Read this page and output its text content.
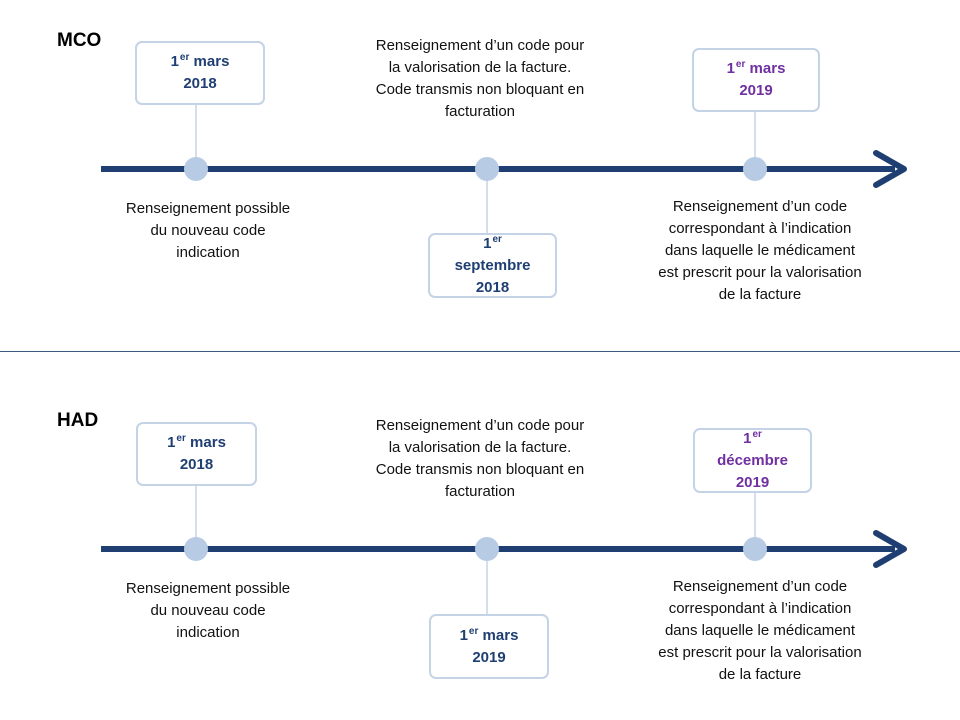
MCO
1er mars
2018
1er
septembre
2018
1er mars
2019
Renseignement possible
du nouveau code
indication
Renseignement d’un code pour
la valorisation de la facture.
Code transmis non bloquant en
facturation
Renseignement d’un code
correspondant à l’indication
dans laquelle le médicament
est prescrit pour la valorisation
de la facture
HAD
1er mars
2018
1er mars
2019
1er
décembre
2019
Renseignement possible
du nouveau code
indication
Renseignement d’un code pour
la valorisation de la facture.
Code transmis non bloquant en
facturation
Renseignement d’un code
correspondant à l’indication
dans laquelle le médicament
est prescrit pour la valorisation
de la facture
